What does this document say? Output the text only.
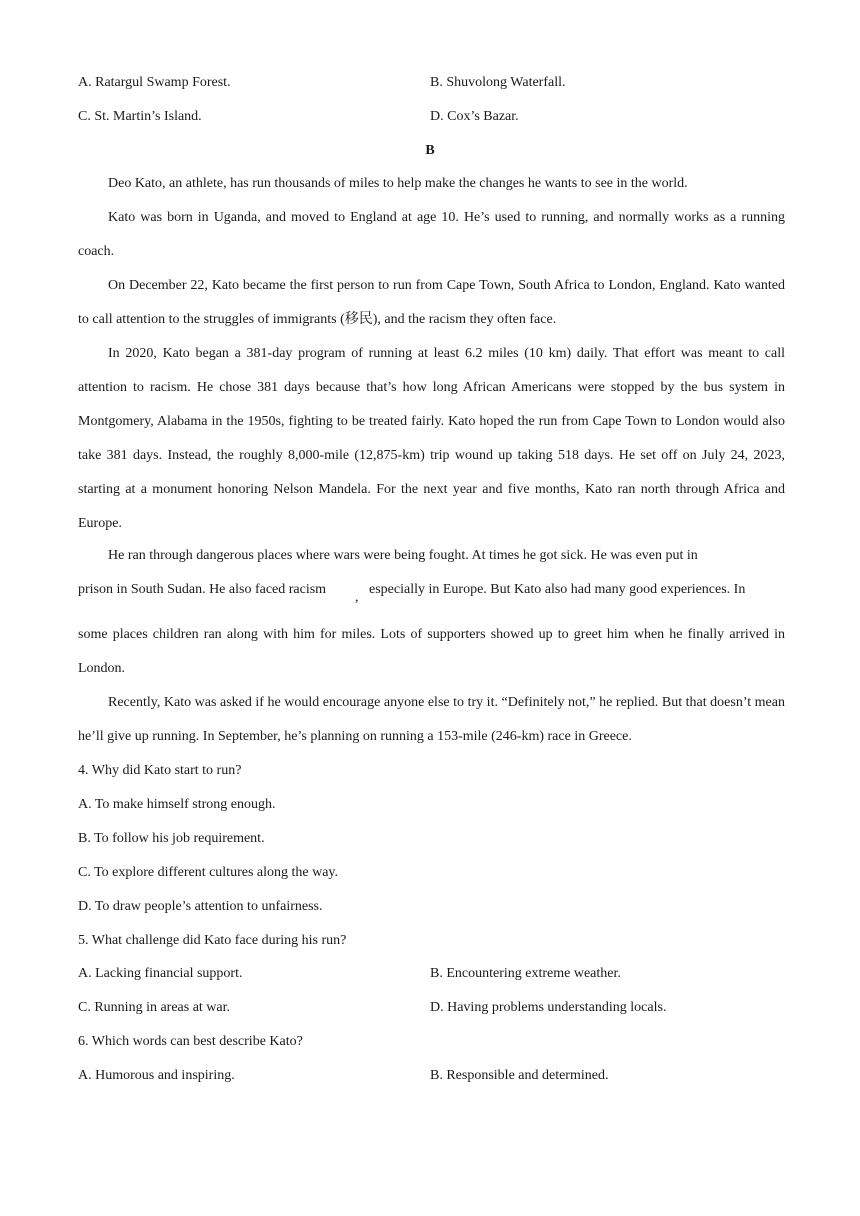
A. Ratargul Swamp Forest.	B. Shuvolong Waterfall.
C. St. Martin’s Island.	D. Cox’s Bazar.
B
Deo Kato, an athlete, has run thousands of miles to help make the changes he wants to see in the world.
Kato was born in Uganda, and moved to England at age 10. He’s used to running, and normally works as a running coach.
On December 22, Kato became the first person to run from Cape Town, South Africa to London, England. Kato wanted to call attention to the struggles of immigrants (移民), and the racism they often face.
In 2020, Kato began a 381-day program of running at least 6.2 miles (10 km) daily. That effort was meant to call attention to racism. He chose 381 days because that’s how long African Americans were stopped by the bus system in Montgomery, Alabama in the 1950s, fighting to be treated fairly. Kato hoped the run from Cape Town to London would also take 381 days. Instead, the roughly 8,000-mile (12,875-km) trip wound up taking 518 days. He set off on July 24, 2023, starting at a monument honoring Nelson Mandela. For the next year and five months, Kato ran north through Africa and Europe.
He ran through dangerous places where wars were being fought. At times he got sick. He was even put in
prison in South Sudan. He also faced racism
,
especially in Europe. But Kato also had many good experiences. In
some places children ran along with him for miles. Lots of supporters showed up to greet him when he finally arrived in London.
Recently, Kato was asked if he would encourage anyone else to try it. “Definitely not,” he replied. But that doesn’t mean he’ll give up running. In September, he’s planning on running a 153-mile (246-km) race in Greece.
4. Why did Kato start to run?
A. To make himself strong enough.
B. To follow his job requirement.
C. To explore different cultures along the way.
D. To draw people’s attention to unfairness.
5. What challenge did Kato face during his run?
A. Lacking financial support.	B. Encountering extreme weather.
C. Running in areas at war.	D. Having problems understanding locals.
6. Which words can best describe Kato?
A. Humorous and inspiring.	B. Responsible and determined.
